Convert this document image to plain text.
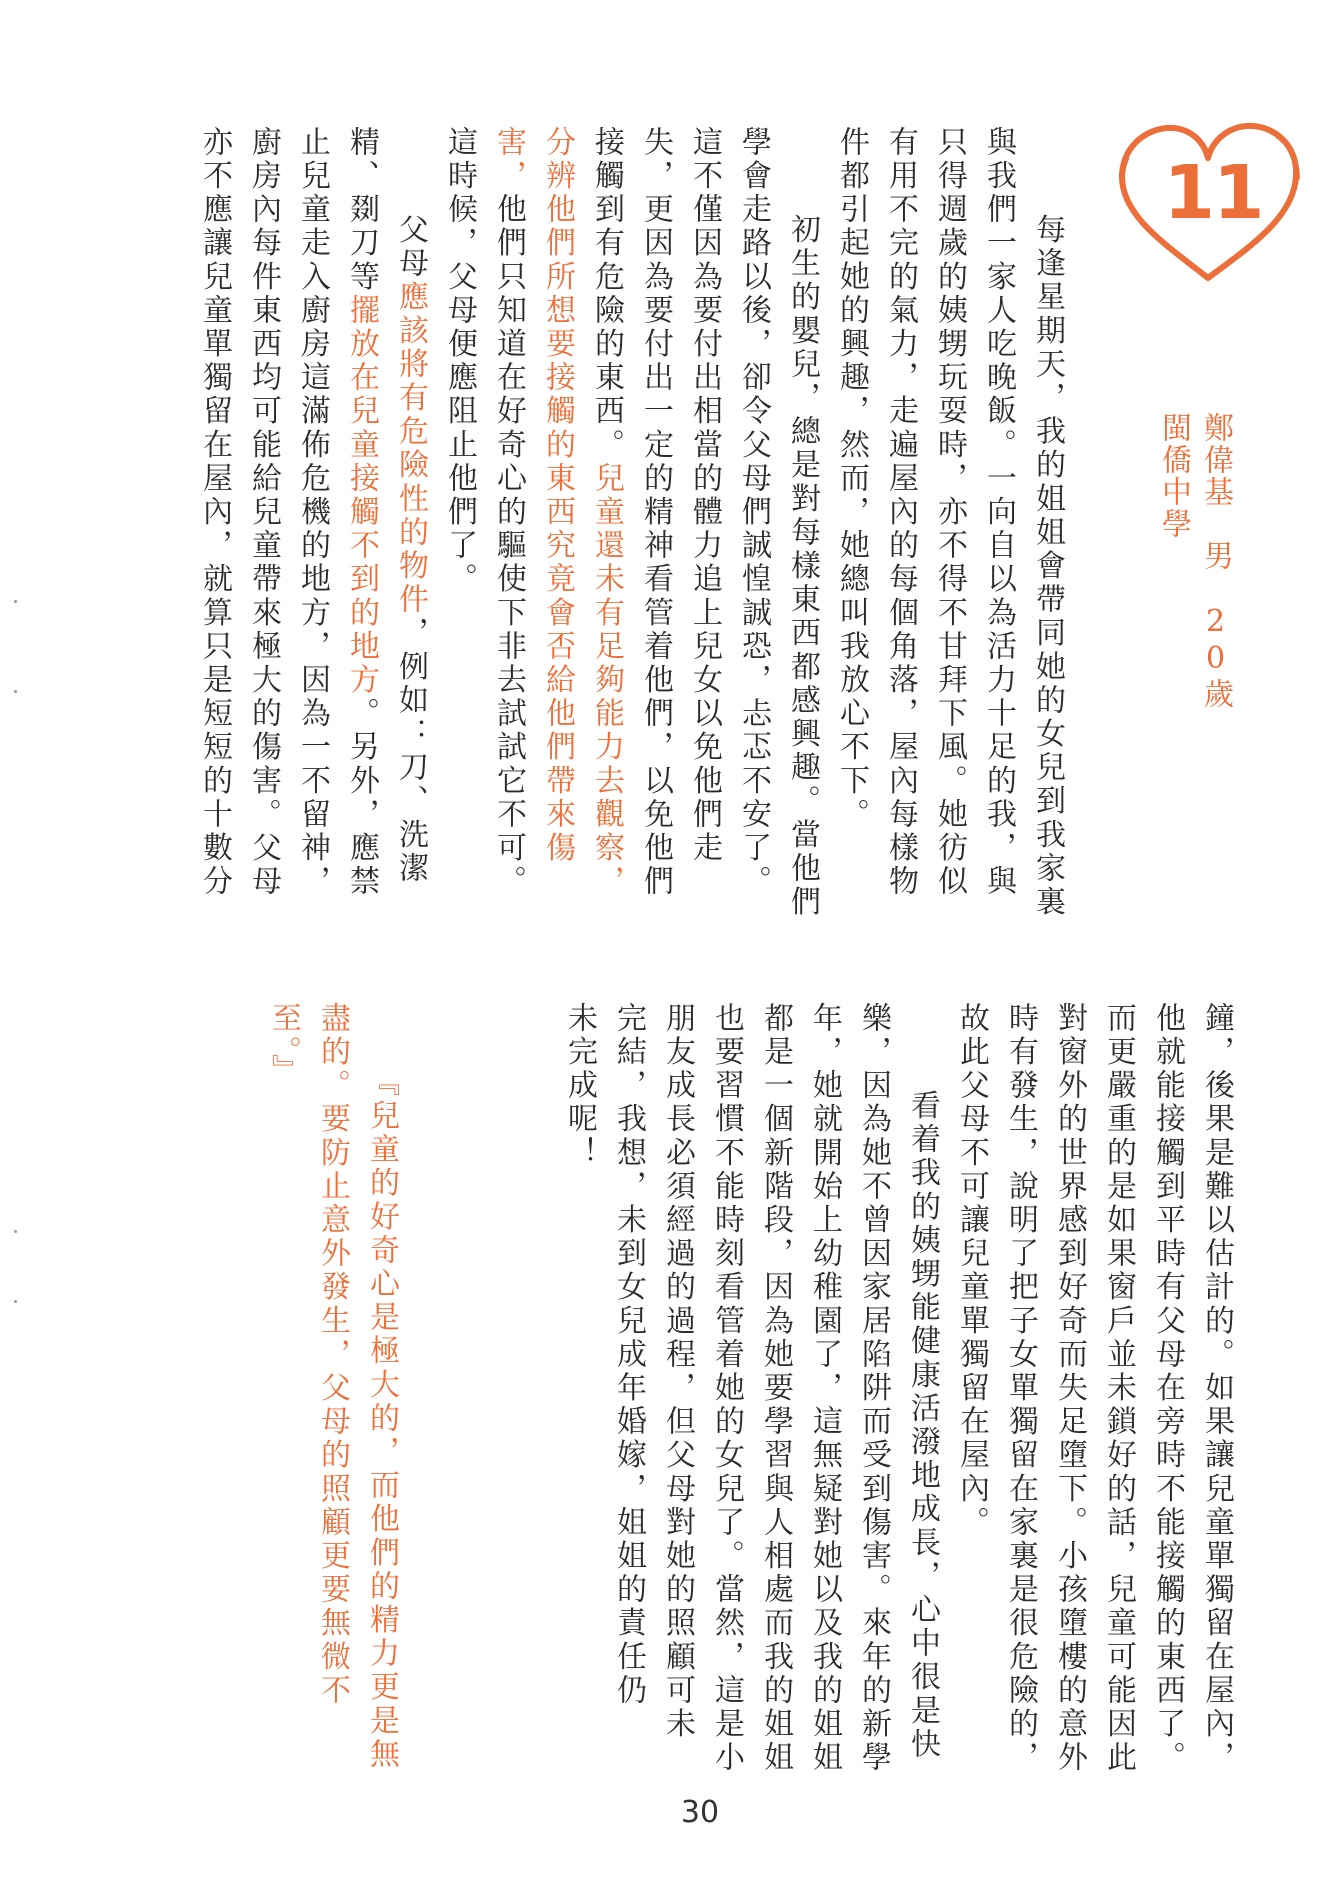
11
鄭偉基　男　20歲
閩僑中學
　每逢星期天，我的姐姐會帶同她的女兒到我家裏
與我們一家人吃晚飯。一向自以為活力十足的我，與
只得週歲的姨甥玩耍時，亦不得不甘拜下風。她彷似
有用不完的氣力，走遍屋內的每個角落，屋內每樣物
件都引起她的興趣，然而，她總叫我放心不下。
　初生的嬰兒，總是對每樣東西都感興趣。當他們
學會走路以後，卻令父母們誠惶誠恐，忐忑不安了。
這不僅因為要付出相當的體力追上兒女以免他們走
失，更因為要付出一定的精神看管着他們，以免他們
接觸到有危險的東西。兒童還未有足夠能力去觀察，
分辨他們所想要接觸的東西究竟會否給他們帶來傷
害，他們只知道在好奇心的驅使下非去試試它不可。
這時候，父母便應阻止他們了。
　父母應該將有危險性的物件，例如：刀、洗潔
精、剟刀等擺放在兒童接觸不到的地方。另外，應禁
止兒童走入廚房這滿佈危機的地方，因為一不留神，
廚房內每件東西均可能給兒童帶來極大的傷害。父母
亦不應讓兒童單獨留在屋內，就算只是短短的十數分
鐘，後果是難以估計的。如果讓兒童單獨留在屋內，
他就能接觸到平時有父母在旁時不能接觸的東西了。
而更嚴重的是如果窗戶並未鎖好的話，兒童可能因此
對窗外的世界感到好奇而失足墮下。小孩墮樓的意外
時有發生，說明了把子女單獨留在家裏是很危險的，
故此父母不可讓兒童單獨留在屋內。
　看着我的姨甥能健康活潑地成長，心中很是快
樂，因為她不曾因家居陷阱而受到傷害。來年的新學
年，她就開始上幼稚園了，這無疑對她以及我的姐姐
都是一個新階段，因為她要學習與人相處而我的姐姐
也要習慣不能時刻看管着她的女兒了。當然，這是小
朋友成長必須經過的過程，但父母對她的照顧可未
完結，我想，未到女兒成年婚嫁，姐姐的責任仍
未完成呢！
『兒童的好奇心是極大的，而他們的精力更是無
盡的。要防止意外發生，父母的照顧更要無微不
至。』
30
